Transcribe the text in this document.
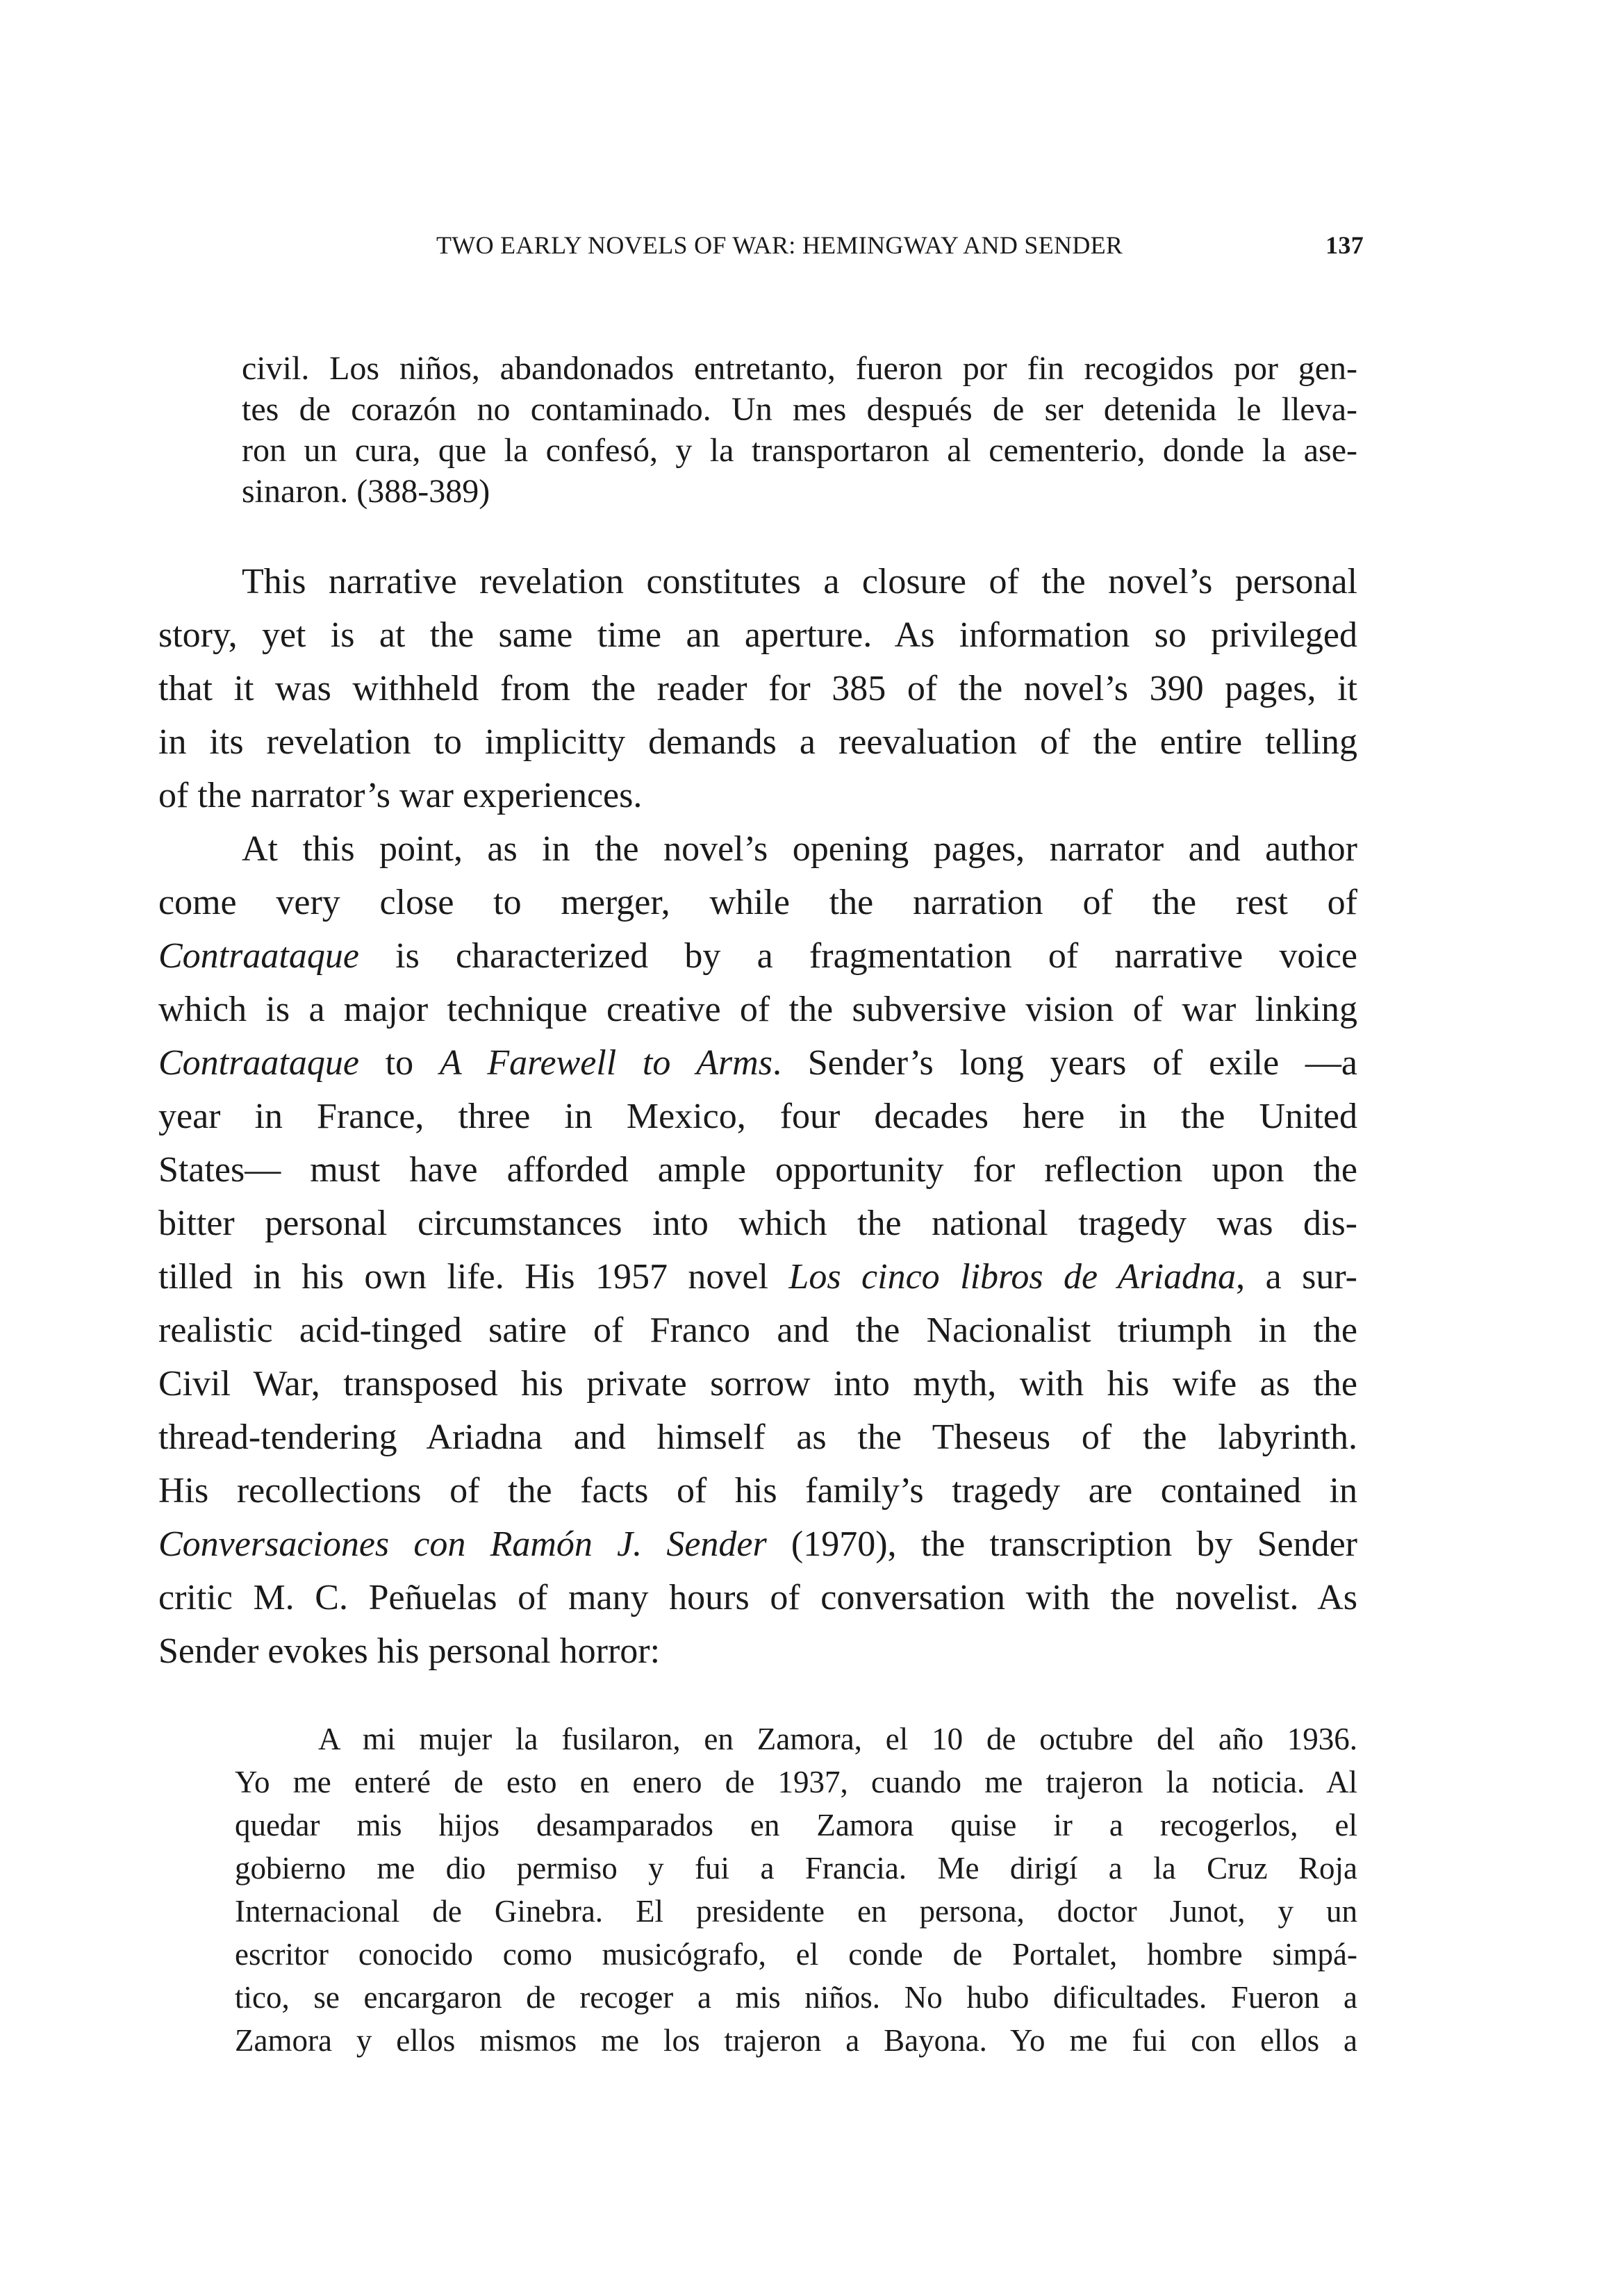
TWO EARLY NOVELS OF WAR: HEMINGWAY AND SENDER	137
civil. Los niños, abandonados entretanto, fueron por fin recogidos por gen-
tes de corazón no contaminado. Un mes después de ser detenida le lleva-
ron un cura, que la confesó, y la transportaron al cementerio, donde la ase-
sinaron. (388-389)
This narrative revelation constitutes a closure of the novel’s personal
story, yet is at the same time an aperture. As information so privileged
that it was withheld from the reader for 385 of the novel’s 390 pages, it
in its revelation to implicitty demands a reevaluation of the entire telling
of the narrator’s war experiences.
At this point, as in the novel’s opening pages, narrator and author
come very close to merger, while the narration of the rest of
Contraataque is characterized by a fragmentation of narrative voice
which is a major technique creative of the subversive vision of war linking
Contraataque to A Farewell to Arms. Sender’s long years of exile —a
year in France, three in Mexico, four decades here in the United
States— must have afforded ample opportunity for reflection upon the
bitter personal circumstances into which the national tragedy was dis-
tilled in his own life. His 1957 novel Los cinco libros de Ariadna, a sur-
realistic acid-tinged satire of Franco and the Nacionalist triumph in the
Civil War, transposed his private sorrow into myth, with his wife as the
thread-tendering Ariadna and himself as the Theseus of the labyrinth.
His recollections of the facts of his family’s tragedy are contained in
Conversaciones con Ramón J. Sender (1970), the transcription by Sender
critic M. C. Peñuelas of many hours of conversation with the novelist. As
Sender evokes his personal horror:
A mi mujer la fusilaron, en Zamora, el 10 de octubre del año 1936.
Yo me enteré de esto en enero de 1937, cuando me trajeron la noticia. Al
quedar mis hijos desamparados en Zamora quise ir a recogerlos, el
gobierno me dio permiso y fui a Francia. Me dirigí a la Cruz Roja
Internacional de Ginebra. El presidente en persona, doctor Junot, y un
escritor conocido como musicógrafo, el conde de Portalet, hombre simpá-
tico, se encargaron de recoger a mis niños. No hubo dificultades. Fueron a
Zamora y ellos mismos me los trajeron a Bayona. Yo me fui con ellos a
